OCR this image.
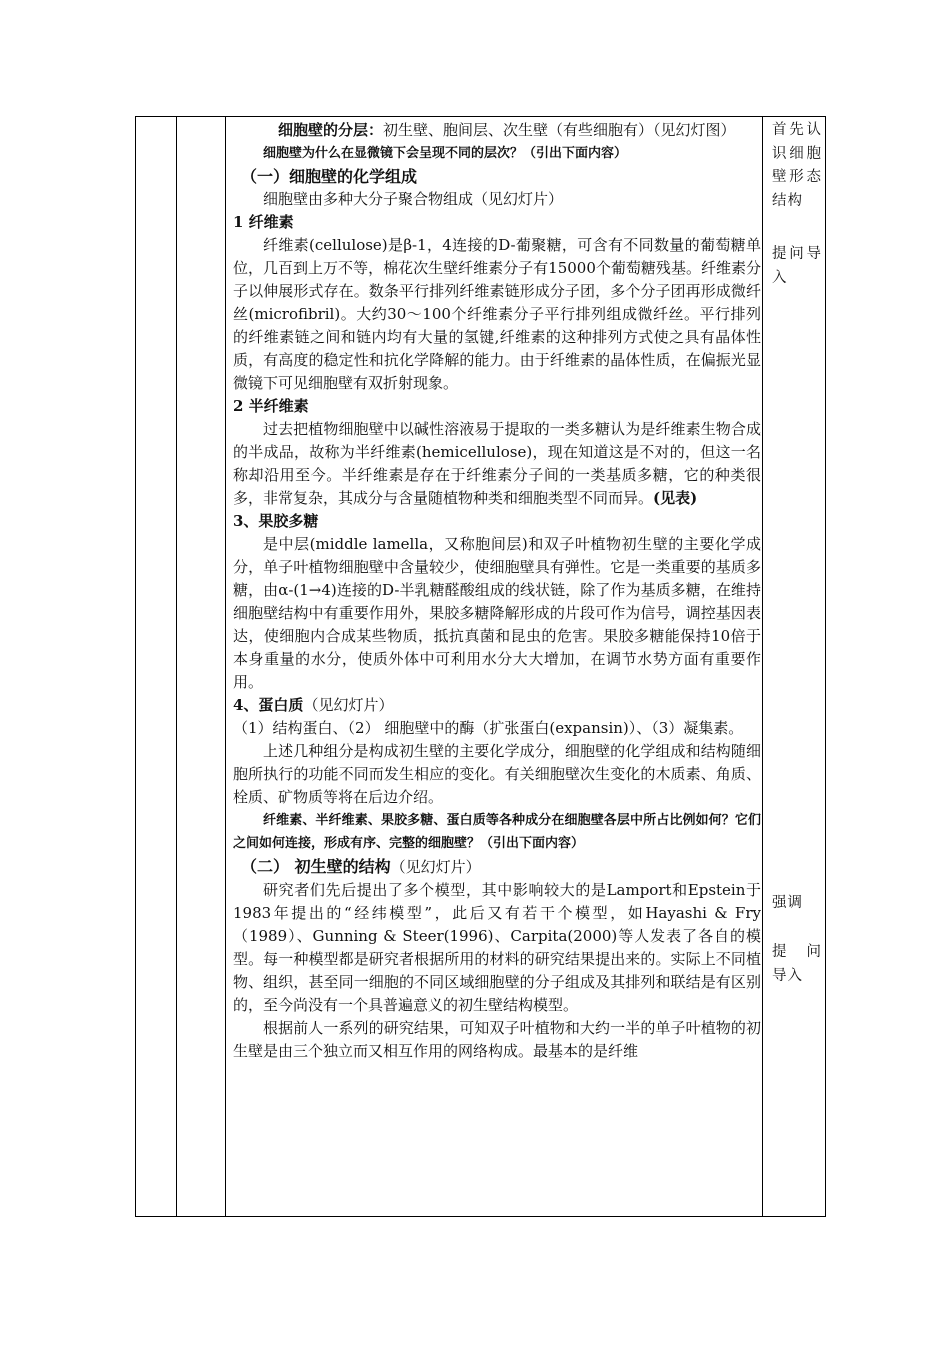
细胞壁的分层：初生壁、胞间层、次生壁（有些细胞有）（见幻灯图）

细胞壁为什么在显微镜下会呈现不同的层次？（引出下面内容）

（一）细胞壁的化学组成

细胞壁由多种大分子聚合物组成（见幻灯片）

1 纤维素

纤维素(cellulose)是β-1，4连接的D-葡聚糖，可含有不同数量的葡萄糖单位，几百到上万不等，棉花次生壁纤维素分子有15000个葡萄糖残基。纤维素分子以伸展形式存在。数条平行排列纤维素链形成分子团，多个分子团再形成微纤丝(microfibril)。大约30～100个纤维素分子平行排列组成微纤丝。平行排列的纤维素链之间和链内均有大量的氢键,纤维素的这种排列方式使之具有晶体性质，有高度的稳定性和抗化学降解的能力。由于纤维素的晶体性质，在偏振光显微镜下可见细胞壁有双折射现象。

2 半纤维素

过去把植物细胞壁中以碱性溶液易于提取的一类多糖认为是纤维素生物合成的半成品，故称为半纤维素(hemicellulose)，现在知道这是不对的，但这一名称却沿用至今。半纤维素是存在于纤维素分子间的一类基质多糖，它的种类很多，非常复杂，其成分与含量随植物种类和细胞类型不同而异。(见表)

3、果胶多糖

是中层(middle lamella，又称胞间层)和双子叶植物初生壁的主要化学成分，单子叶植物细胞壁中含量较少，使细胞壁具有弹性。它是一类重要的基质多糖，由α-(1→4)连接的D-半乳糖醛酸组成的线状链，除了作为基质多糖，在维持细胞壁结构中有重要作用外，果胶多糖降解形成的片段可作为信号，调控基因表达，使细胞内合成某些物质，抵抗真菌和昆虫的危害。果胶多糖能保持10倍于本身重量的水分，使质外体中可利用水分大大增加，在调节水势方面有重要作用。

4、蛋白质（见幻灯片）

（1）结构蛋白、（2） 细胞壁中的酶（扩张蛋白(expansin)）、（3）凝集素。

上述几种组分是构成初生壁的主要化学成分，细胞壁的化学组成和结构随细胞所执行的功能不同而发生相应的变化。有关细胞壁次生变化的木质素、角质、栓质、矿物质等将在后边介绍。

纤维素、半纤维素、果胶多糖、蛋白质等各种成分在细胞壁各层中所占比例如何？它们之间如何连接，形成有序、完整的细胞壁？（引出下面内容）

（二） 初生壁的结构（见幻灯片）

研究者们先后提出了多个模型，其中影响较大的是Lamport和Epstein于1983年提出的“经纬模型”，此后又有若干个模型，如Hayashi & Fry（1989）、Gunning & Steer(1996)、Carpita(2000)等人发表了各自的模型。每一种模型都是研究者根据所用的材料的研究结果提出来的。实际上不同植物、组织，甚至同一细胞的不同区域细胞壁的分子组成及其排列和联结是有区别的，至今尚没有一个具普遍意义的初生壁结构模型。

根据前人一系列的研究结果，可知双子叶植物和大约一半的单子叶植物的初生壁是由三个独立而又相互作用的网络构成。最基本的是纤维

首先认识细胞壁形态结构

提问导入

强调

提　问导入
